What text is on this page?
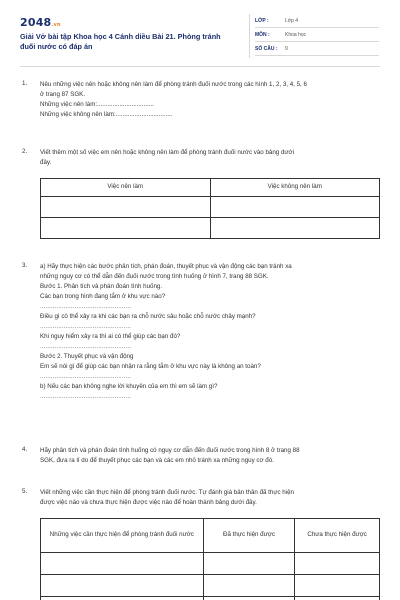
2048.vn
Giải Vở bài tập Khoa học 4 Cánh diều Bài 21. Phòng tránh đuối nước có đáp án
LỚP :	Lớp 4
MÔN :	Khoa học
SỐ CÂU : 9
1. Nêu những việc nên hoặc không nên làm để phòng tránh đuối nước trong các hình 1, 2, 3, 4, 5, 6

ở trang 87 SGK.

Những việc nên làm:.................................

Những việc không nên làm:.................................

2. Viết thêm một số việc em nên hoặc không nên làm để phòng tránh đuối nước vào bảng dưới

đây.

Việc nên làm	Việc không nên làm

3. a) Hãy thực hiện các bước phân tích, phán đoán, thuyết phục và vận động các bạn tránh xa

những nguy cơ có thể dẫn đến đuối nước trong tình huống ở hình 7, trang 88 SGK.

Bước 1. Phân tích và phán đoán tình huống.

Các bạn trong hình đang tắm ở khu vực nào?

..................................................

Điều gì có thể xảy ra khi các bạn ra chỗ nước sâu hoặc chỗ nước chảy mạnh?

..................................................

Khi nguy hiểm xảy ra thì ai có thể giúp các bạn đó?

..................................................

Bước 2. Thuyết phục và vận động

Em sẽ nói gì để giúp các bạn nhận ra rằng tắm ở khu vực này là không an toàn?

..................................................

b) Nếu các bạn không nghe lời khuyên của em thì em sẽ làm gì?

..................................................

4. Hãy phân tích và phán đoán tình huống có nguy cơ dẫn đến đuối nước trong hình 8 ở trang 88

SGK, đưa ra lí do để thuyết phục các bạn và các em nhỏ tránh xa những nguy cơ đó.

5. Viết những việc cần thực hiện để phòng tránh đuối nước. Tự đánh giá bản thân đã thực hiện

được việc nào và chưa thực hiện được việc nào để hoàn thành bảng dưới đây.

Những việc cần thực hiện để phòng tránh đuối nước	Đã thực hiện được	Chưa thực hiện được
